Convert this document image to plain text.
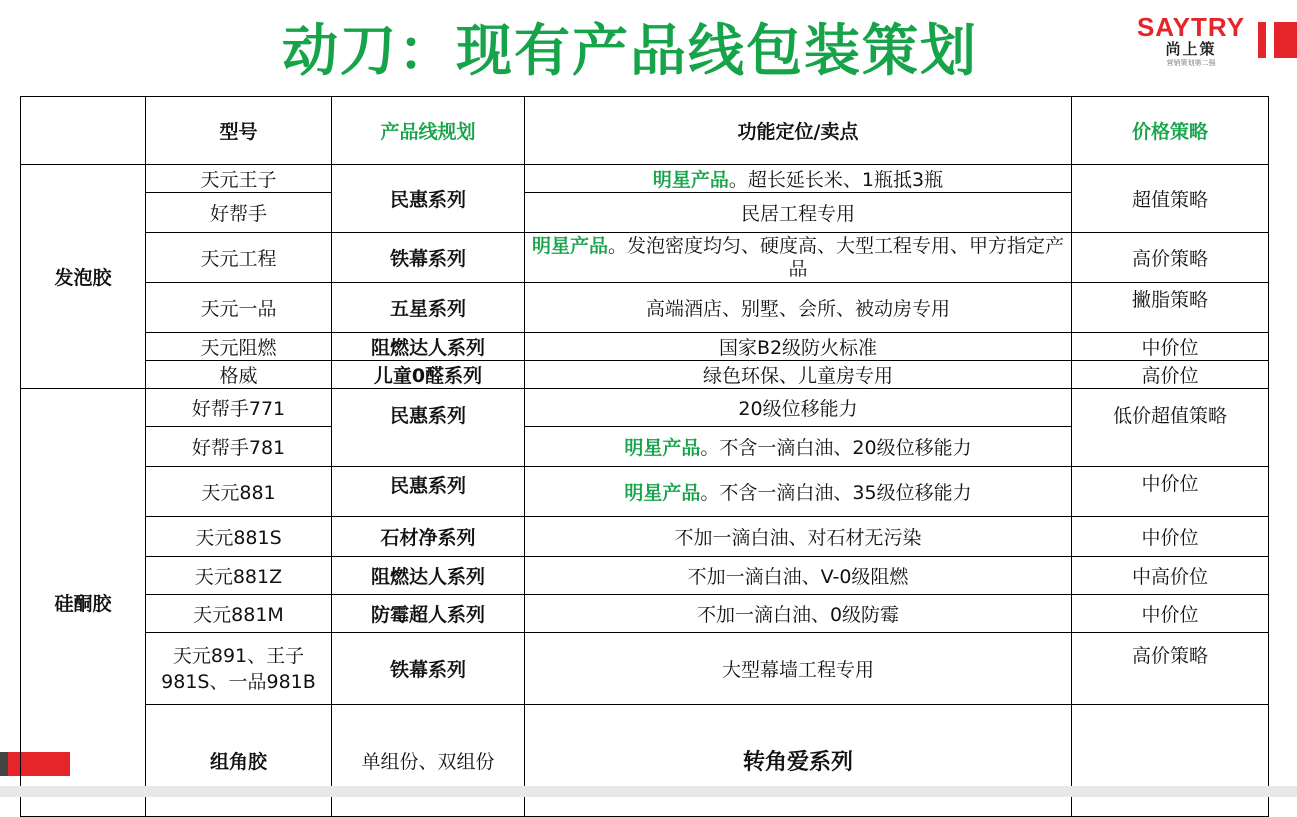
动刀：现有产品线包装策划	SAYTRY
尚上策
营销策划第二强
	型号	产品线规划	功能定位/卖点	价格策略	
发泡胶	天元王子	民惠系列	明星产品。超长延长米、1瓶抵3瓶	超值策略	
	好帮手		民居工程专用		
	天元工程	铁幕系列	明星产品。发泡密度均匀、硬度高、大型工程专用、甲方指定产品	高价策略	
	天元一品	五星系列	高端酒店、别墅、会所、被动房专用	撇脂策略	
	天元阻燃	阻燃达人系列	国家B2级防火标准	中价位	
	格威	儿童0醛系列	绿色环保、儿童房专用	高价位	
硅酮胶	好帮手771	民惠系列	20级位移能力	低价超值策略	
	好帮手781		明星产品。不含一滴白油、20级位移能力		
	天元881	民惠系列	明星产品。不含一滴白油、35级位移能力	中价位	
	天元881S	石材净系列	不加一滴白油、对石材无污染	中价位	
	天元881Z	阻燃达人系列	不加一滴白油、V-0级阻燃	中高价位	
	天元881M	防霉超人系列	不加一滴白油、0级防霉	中价位	
	天元891、王子981S、一品981B	铁幕系列	大型幕墙工程专用	高价策略	
	组角胶	单组份、双组份	转角爱系列		
